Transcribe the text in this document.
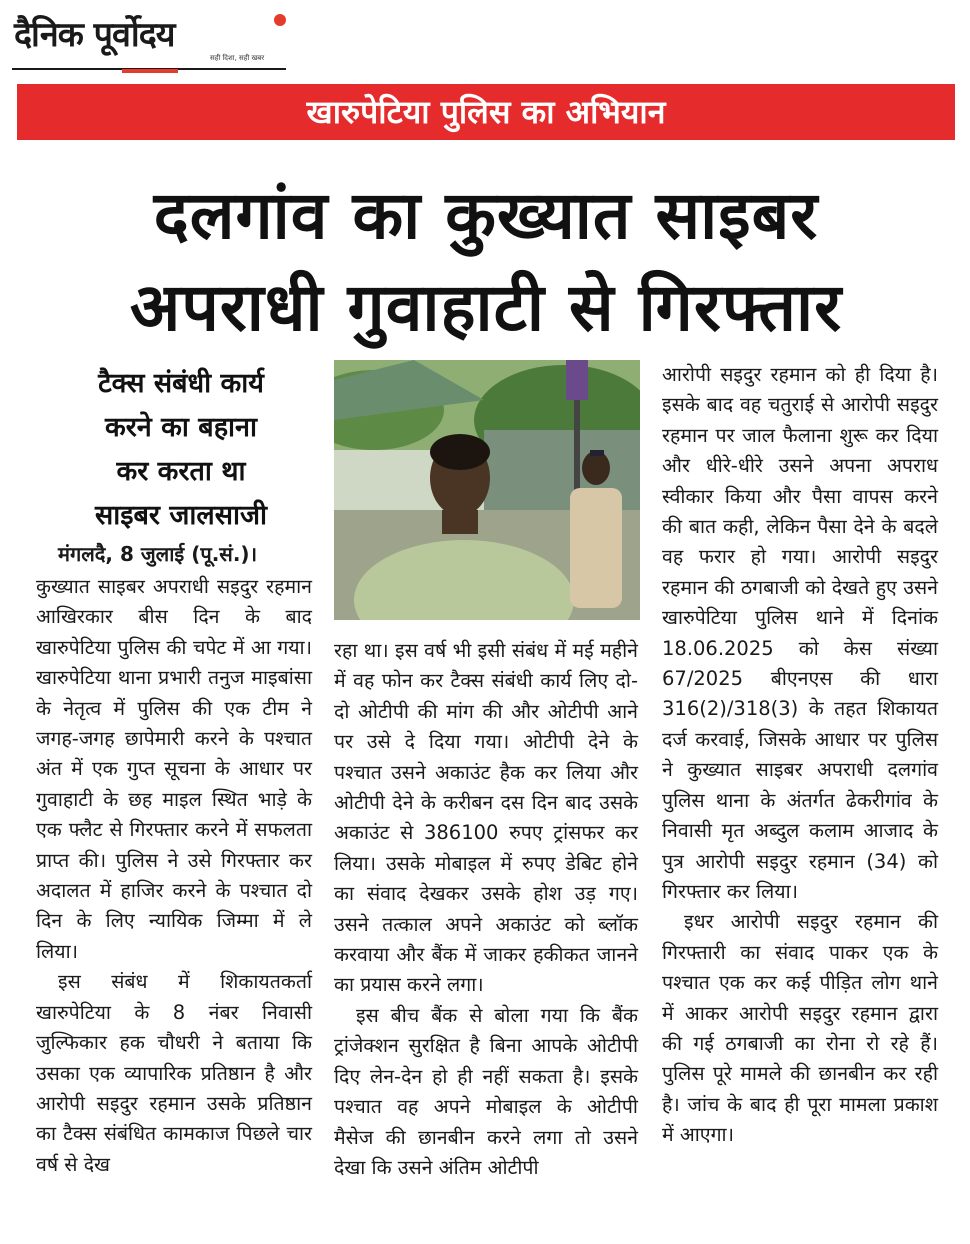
दैनिक पूर्वोदय
सही दिशा, सही खबर
खारुपेटिया पुलिस का अभियान
दलगांव का कुख्यात साइबर
अपराधी गुवाहाटी से गिरफ्तार
टैक्स संबंधी कार्य
करने का बहाना
कर करता था
साइबर जालसाजी
मंगलदै, 8 जुलाई (पू.सं.)।

कुख्यात साइबर अपराधी सइदुर रहमान आखिरकार बीस दिन के बाद खारुपेटिया पुलिस की चपेट में आ गया। खारुपेटिया थाना प्रभारी तनुज माइबांसा के नेतृत्व में पुलिस की एक टीम ने जगह-जगह छापेमारी करने के पश्चात अंत में एक गुप्त सूचना के आधार पर गुवाहाटी के छह माइल स्थित भाड़े के एक फ्लैट से गिरफ्तार करने में सफलता प्राप्त की। पुलिस ने उसे गिरफ्तार कर अदालत में हाजिर करने के पश्चात दो दिन के लिए न्यायिक जिम्मा में ले लिया।

इस संबंध में शिकायतकर्ता खारुपेटिया के 8 नंबर निवासी जुल्फिकार हक चौधरी ने बताया कि उसका एक व्यापारिक प्रतिष्ठान है और आरोपी सइदुर रहमान उसके प्रतिष्ठान का टैक्स संबंधित कामकाज पिछले चार वर्ष से देख

रहा था। इस वर्ष भी इसी संबंध में मई महीने में वह फोन कर टैक्स संबंधी कार्य लिए दो-दो ओटीपी की मांग की और ओटीपी आने पर उसे दे दिया गया। ओटीपी देने के पश्चात उसने अकाउंट हैक कर लिया और ओटीपी देने के करीबन दस दिन बाद उसके अकाउंट से 386100 रुपए ट्रांसफर कर लिया। उसके मोबाइल में रुपए डेबिट होने का संवाद देखकर उसके होश उड़ गए। उसने तत्काल अपने अकाउंट को ब्लॉक करवाया और बैंक में जाकर हकीकत जानने का प्रयास करने लगा।

इस बीच बैंक से बोला गया कि बैंक ट्रांजेक्शन सुरक्षित है बिना आपके ओटीपी दिए लेन-देन हो ही नहीं सकता है। इसके पश्चात वह अपने मोबाइल के ओटीपी मैसेज की छानबीन करने लगा तो उसने देखा कि उसने अंतिम ओटीपी

आरोपी सइदुर रहमान को ही दिया है। इसके बाद वह चतुराई से आरोपी सइदुर रहमान पर जाल फैलाना शुरू कर दिया और धीरे-धीरे उसने अपना अपराध स्वीकार किया और पैसा वापस करने की बात कही, लेकिन पैसा देने के बदले वह फरार हो गया। आरोपी सइदुर रहमान की ठगबाजी को देखते हुए उसने खारुपेटिया पुलिस थाने में दिनांक 18.06.2025 को केस संख्या 67/2025 बीएनएस की धारा 316(2)/318(3) के तहत शिकायत दर्ज करवाई, जिसके आधार पर पुलिस ने कुख्यात साइबर अपराधी दलगांव पुलिस थाना के अंतर्गत ढेकरीगांव के निवासी मृत अब्दुल कलाम आजाद के पुत्र आरोपी सइदुर रहमान (34) को गिरफ्तार कर लिया।

इधर आरोपी सइदुर रहमान की गिरफ्तारी का संवाद पाकर एक के पश्चात एक कर कई पीड़ित लोग थाने में आकर आरोपी सइदुर रहमान द्वारा की गई ठगबाजी का रोना रो रहे हैं। पुलिस पूरे मामले की छानबीन कर रही है। जांच के बाद ही पूरा मामला प्रकाश में आएगा।
